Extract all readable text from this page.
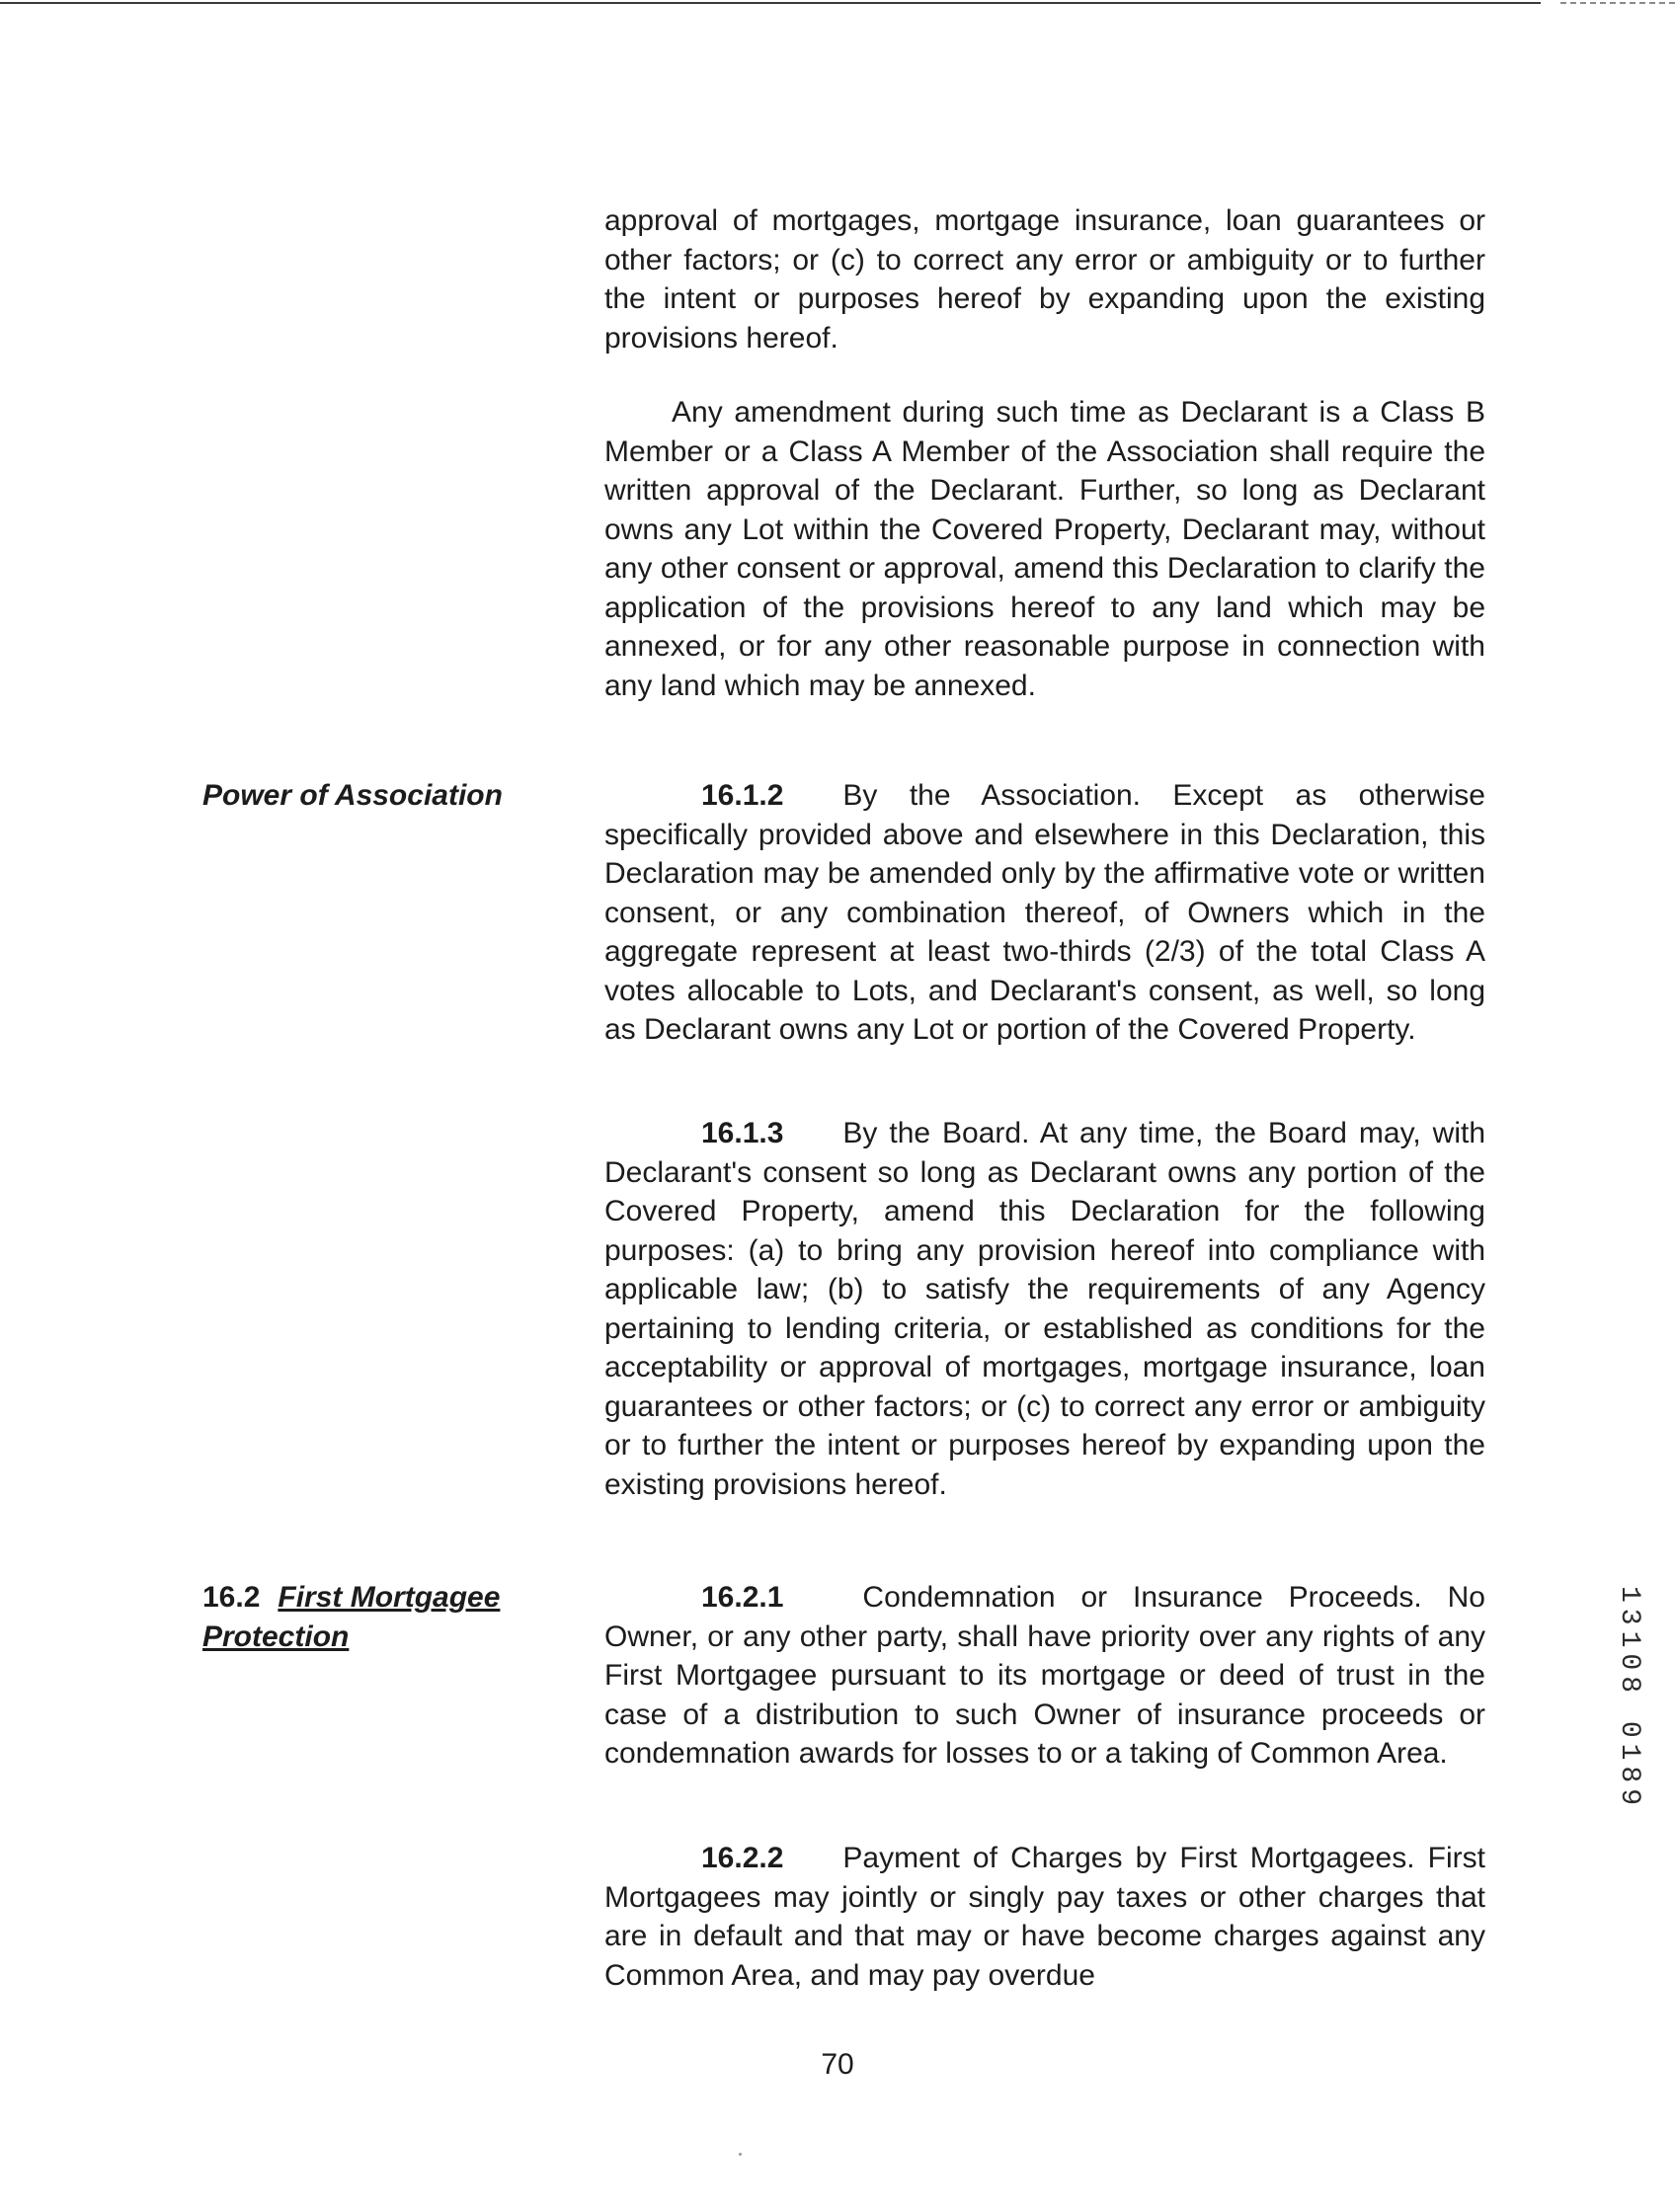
approval of mortgages, mortgage insurance, loan guarantees or other factors; or (c) to correct any error or ambiguity or to further the intent or purposes hereof by expanding upon the existing provisions hereof.

Any amendment during such time as Declarant is a Class B Member or a Class A Member of the Association shall require the written approval of the Declarant. Further, so long as Declarant owns any Lot within the Covered Property, Declarant may, without any other consent or approval, amend this Declaration to clarify the application of the provisions hereof to any land which may be annexed, or for any other reasonable purpose in connection with any land which may be annexed.

Power of Association	16.1.2 By the Association. Except as otherwise specifically provided above and elsewhere in this Declaration, this Declaration may be amended only by the affirmative vote or written consent, or any combination thereof, of Owners which in the aggregate represent at least two-thirds (2/3) of the total Class A votes allocable to Lots, and Declarant's consent, as well, so long as Declarant owns any Lot or portion of the Covered Property.

16.1.3 By the Board. At any time, the Board may, with Declarant's consent so long as Declarant owns any portion of the Covered Property, amend this Declaration for the following purposes: (a) to bring any provision hereof into compliance with applicable law; (b) to satisfy the requirements of any Agency pertaining to lending criteria, or established as conditions for the acceptability or approval of mortgages, mortgage insurance, loan guarantees or other factors; or (c) to correct any error or ambiguity or to further the intent or purposes hereof by expanding upon the existing provisions hereof.

16.2 First Mortgagee
Protection

16.2.1	Condemnation or Insurance Proceeds. No Owner, or any other party, shall have priority over any rights of any First Mortgagee pursuant to its mortgage or deed of trust in the case of a distribution to such Owner of insurance proceeds or condemnation awards for losses to or a taking of Common Area.

16.2.2 Payment of Charges by First Mortgagees. First Mortgagees may jointly or singly pay taxes or other charges that are in default and that may or have become charges against any Common Area, and may pay overdue

70

13108 0189
